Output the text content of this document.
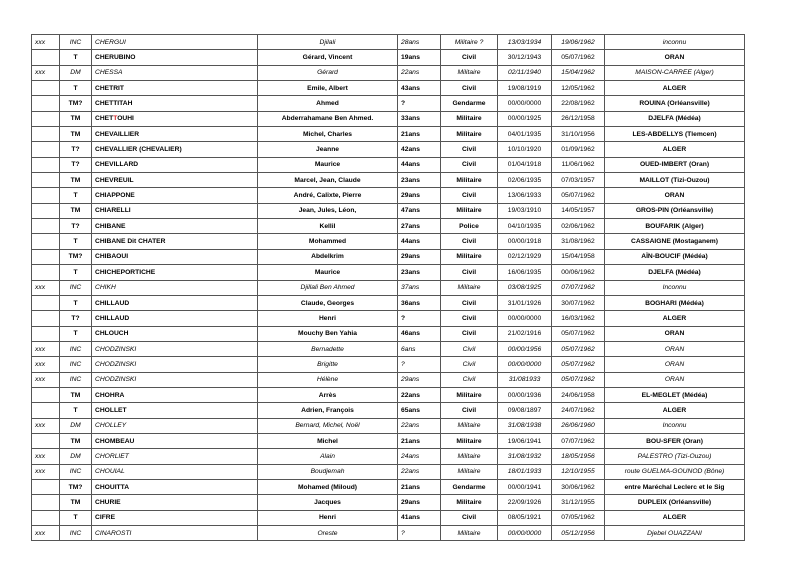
xxx	INC	CHERGUI	Djilali	28ans	Militaire ?	13/03/1934	19/06/1962	inconnu
	T	CHERUBINO	Gérard, Vincent	19ans	Civil	30/12/1943	05/07/1962	ORAN
xxx	DM	CHESSA	Gérard	22ans	Militaire	02/11/1940	15/04/1962	MAISON-CARREE (Alger)
	T	CHETRIT	Emile, Albert	43ans	Civil	19/08/1919	12/05/1962	ALGER
	TM?	CHETTITAH	Ahmed	?	Gendarme	00/00/0000	22/08/1962	ROUINA (Orléansville)
	TM	CHETTOUHI	Abderrahamane Ben Ahmed.	33ans	Militaire	00/00/1925	26/12/1958	DJELFA (Médéa)
	TM	CHEVAILLIER	Michel, Charles	21ans	Militaire	04/01/1935	31/10/1956	LES-ABDELLYS (Tlemcen)
	T?	CHEVALLIER (CHEVALIER)	Jeanne	42ans	Civil	10/10/1920	01/09/1962	ALGER
	T?	CHEVILLARD	Maurice	44ans	Civil	01/04/1918	11/06/1962	OUED-IMBERT (Oran)
	TM	CHEVREUIL	Marcel, Jean, Claude	23ans	Militaire	02/06/1935	07/03/1957	MAILLOT (Tizi-Ouzou)
	T	CHIAPPONE	André, Calixte, Pierre	29ans	Civil	13/06/1933	05/07/1962	ORAN
	TM	CHIARELLI	Jean, Jules, Léon,	47ans	Militaire	19/03/1910	14/05/1957	GROS-PIN (Orléansville)
	T?	CHIBANE	Kellil	27ans	Police	04/10/1935	02/06/1962	BOUFARIK (Alger)
	T	CHIBANE Dit CHATER	Mohammed	44ans	Civil	00/00/1918	31/08/1962	CASSAIGNE (Mostaganem)
	TM?	CHIBAOUI	Abdelkrim	29ans	Militaire	02/12/1929	15/04/1958	AÏN-BOUCIF (Médéa)
	T	CHICHEPORTICHE	Maurice	23ans	Civil	16/06/1935	00/06/1962	DJELFA (Médéa)
xxx	INC	CHIKH	Djillali Ben Ahmed	37ans	Militaire	03/08/1925	07/07/1962	Inconnu
	T	CHILLAUD	Claude, Georges	36ans	Civil	31/01/1926	30/07/1962	BOGHARI (Médéa)
	T?	CHILLAUD	Henri	?	Civil	00/00/0000	16/03/1962	ALGER
	T	CHLOUCH	Mouchy Ben Yahia	46ans	Civil	21/02/1916	05/07/1962	ORAN
xxx	INC	CHODZINSKI	Bernadette	6ans	Civil	00/00/1956	05/07/1962	ORAN
xxx	INC	CHODZINSKI	Brigitte	?	Civil	00/00/0000	05/07/1962	ORAN
xxx	INC	CHODZINSKI	Hélène	29ans	Civil	31/081933	05/07/1962	ORAN
	TM	CHOHRA	Arrès	22ans	Militaire	00/00/1936	24/06/1958	EL-MEGLET (Médéa)
	T	CHOLLET	Adrien, François	65ans	Civil	09/08/1897	24/07/1962	ALGER
xxx	DM	CHOLLEY	Bernard, Michel, Noël	22ans	Militaire	31/08/1938	26/06/1960	Inconnu
	TM	CHOMBEAU	Michel	21ans	Militaire	19/06/1941	07/07/1962	BOU-SFER (Oran)
xxx	DM	CHORLIET	Alain	24ans	Militaire	31/08/1932	18/05/1956	PALESTRO (Tizi-Ouzou)
xxx	INC	CHOUIAL	Boudjemah	22ans	Militaire	18/01/1933	12/10/1955	route GUELMA-GOUNOD (Bône)
	TM?	CHOUITTA	Mohamed (Miloud)	21ans	Gendarme	00/00/1941	30/06/1962	entre Maréchal Leclerc et le Sig
	TM	CHURIE	Jacques	29ans	Militaire	22/09/1926	31/12/1955	DUPLEIX (Orléansville)
	T	CIFRE	Henri	41ans	Civil	08/05/1921	07/05/1962	ALGER
xxx	INC	CINAROSTI	Oreste	?	Militaire	00/00/0000	05/12/1956	Djebel OUAZZANI
